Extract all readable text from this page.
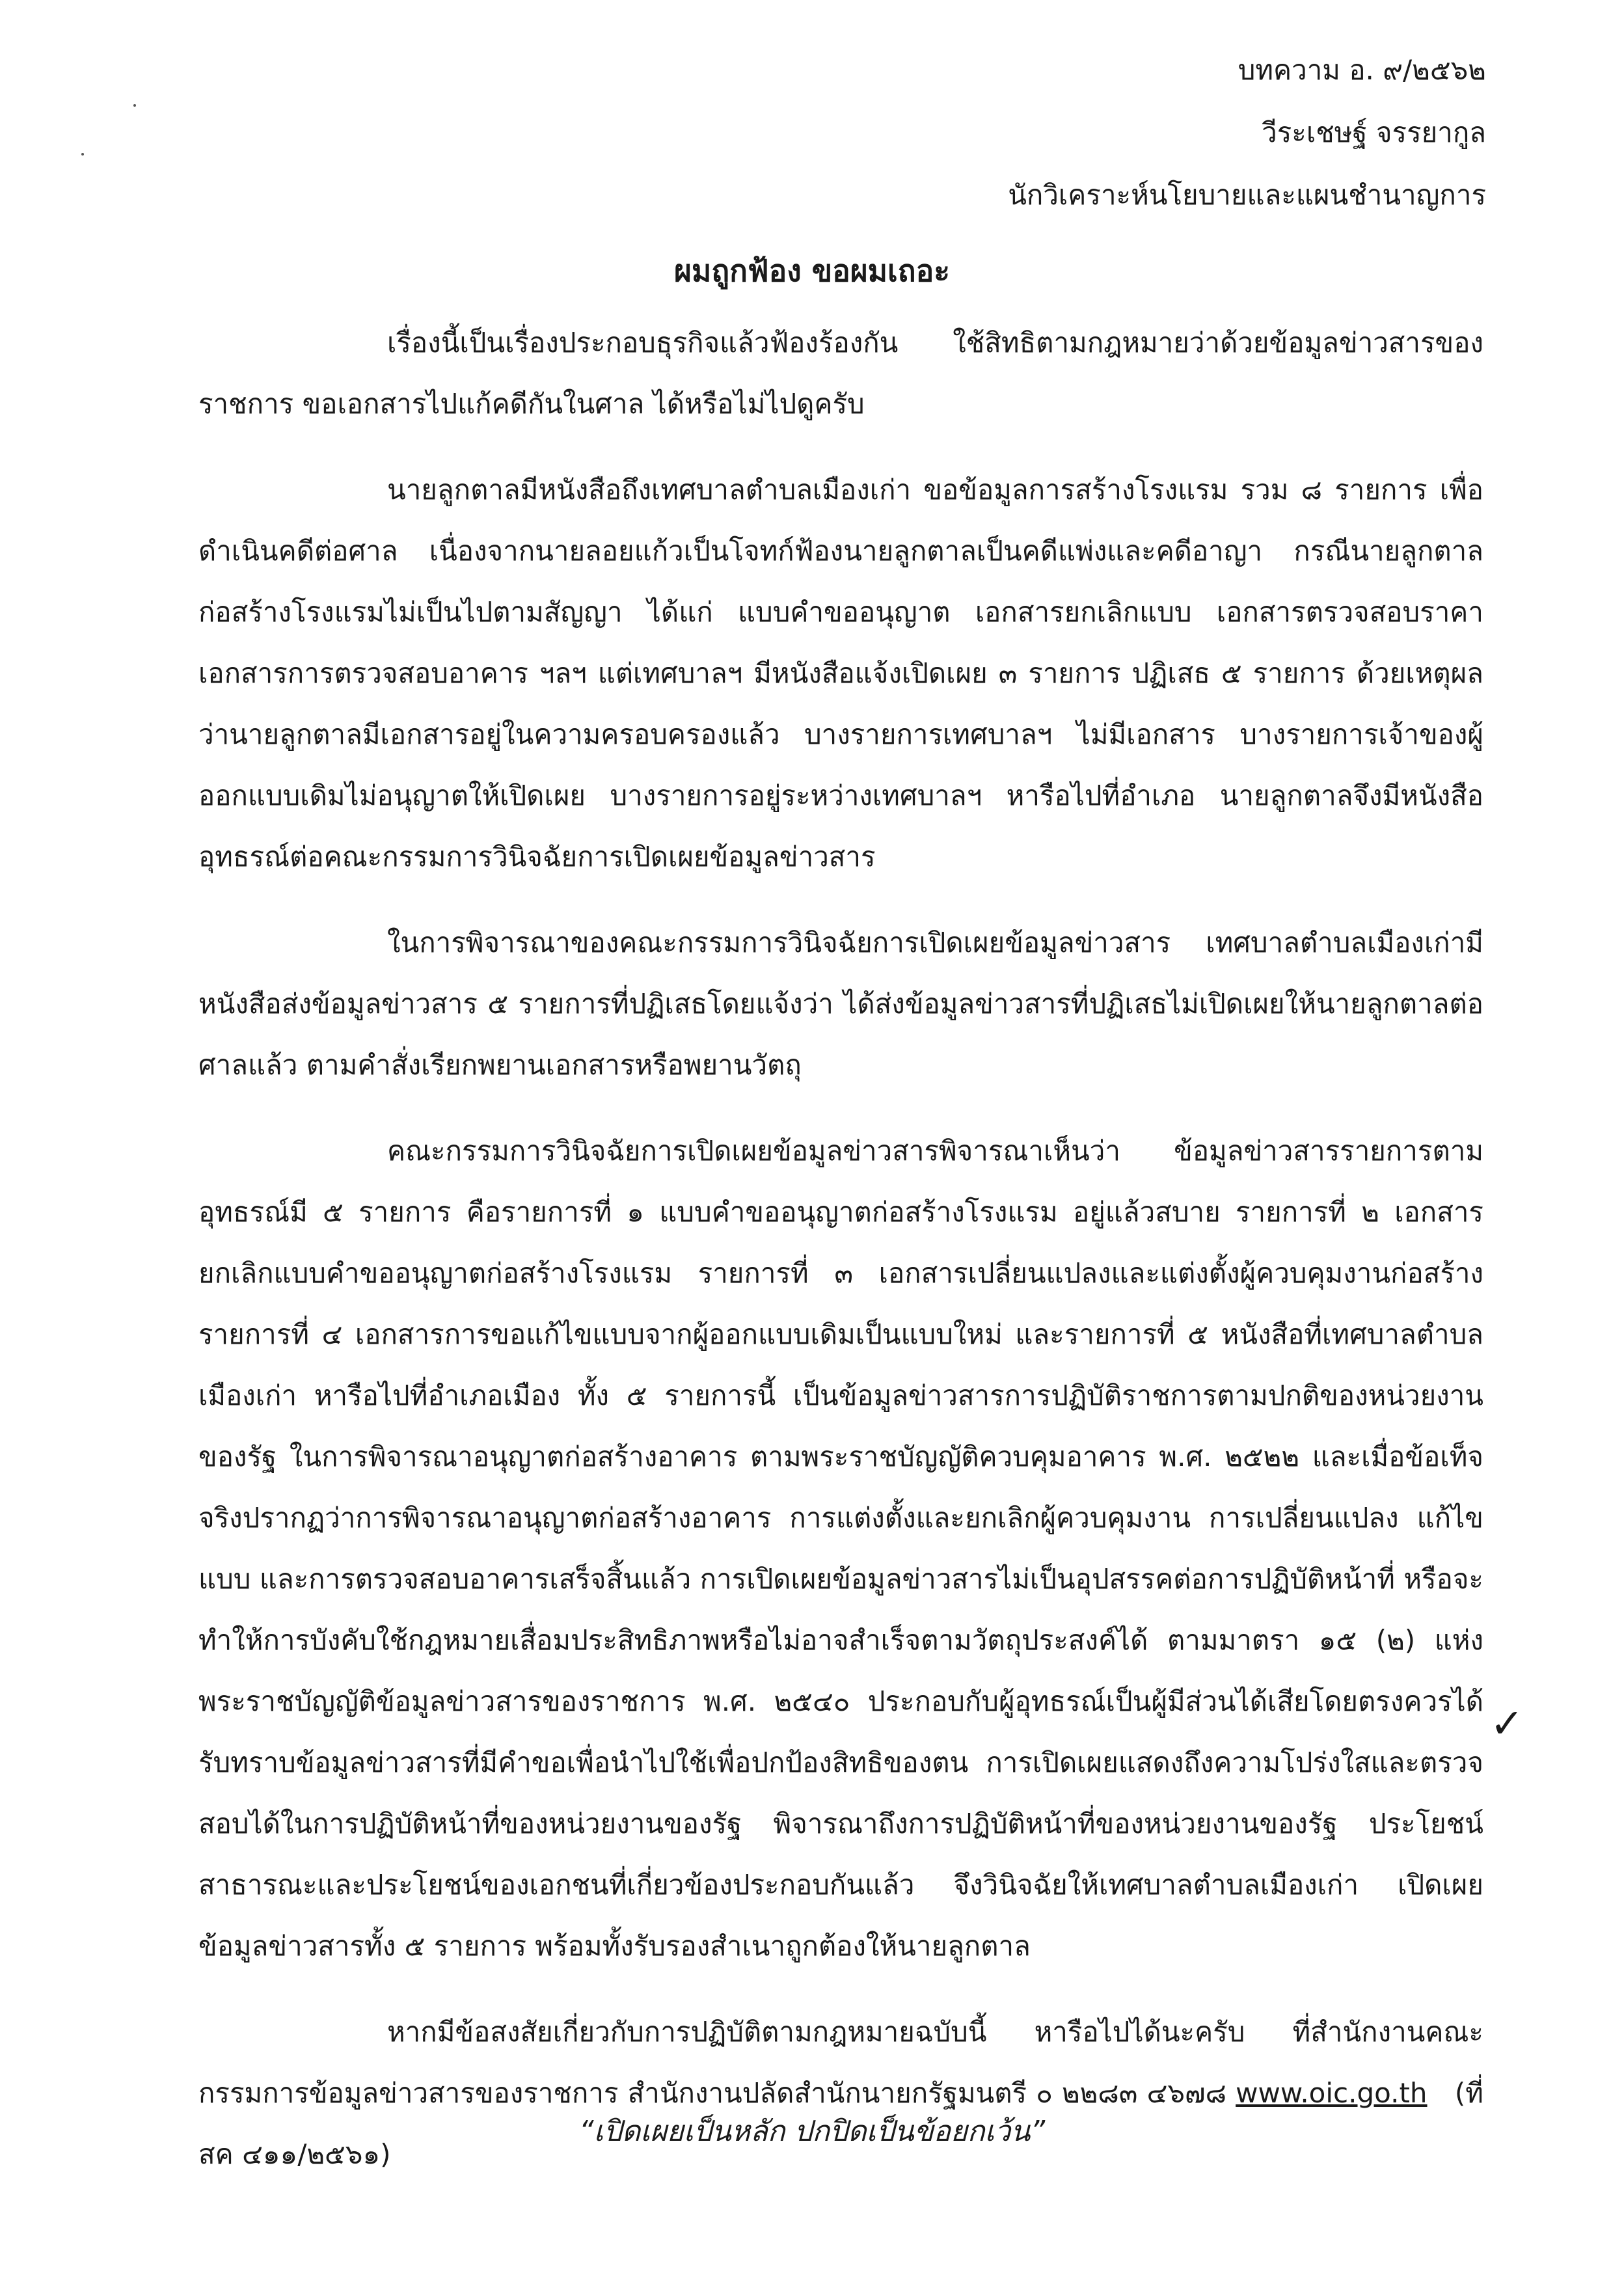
บทความ อ. ๙/๒๕๖๒
วีระเชษฐ์ จรรยากูล
นักวิเคราะห์นโยบายและแผนชำนาญการ
ผมถูกฟ้อง ขอผมเถอะ

เรื่องนี้เป็นเรื่องประกอบธุรกิจแล้วฟ้องร้องกัน ใช้สิทธิตามกฎหมายว่าด้วยข้อมูลข่าวสารของราชการ ขอเอกสารไปแก้คดีกันในศาล ได้หรือไม่ไปดูครับ

นายลูกตาลมีหนังสือถึงเทศบาลตำบลเมืองเก่า ขอข้อมูลการสร้างโรงแรม รวม ๘ รายการ เพื่อดำเนินคดีต่อศาล เนื่องจากนายลอยแก้วเป็นโจทก์ฟ้องนายลูกตาลเป็นคดีแพ่งและคดีอาญา กรณีนายลูกตาลก่อสร้างโรงแรมไม่เป็นไปตามสัญญา ได้แก่ แบบคำขออนุญาต เอกสารยกเลิกแบบ เอกสารตรวจสอบราคา เอกสารการตรวจสอบอาคาร ฯลฯ แต่เทศบาลฯ มีหนังสือแจ้งเปิดเผย ๓ รายการ ปฏิเสธ ๕ รายการ ด้วยเหตุผลว่านายลูกตาลมีเอกสารอยู่ในความครอบครองแล้ว บางรายการเทศบาลฯ ไม่มีเอกสาร บางรายการเจ้าของผู้ออกแบบเดิมไม่อนุญาตให้เปิดเผย บางรายการอยู่ระหว่างเทศบาลฯ หารือไปที่อำเภอ นายลูกตาลจึงมีหนังสืออุทธรณ์ต่อคณะกรรมการวินิจฉัยการเปิดเผยข้อมูลข่าวสาร

ในการพิจารณาของคณะกรรมการวินิจฉัยการเปิดเผยข้อมูลข่าวสาร เทศบาลตำบลเมืองเก่ามีหนังสือส่งข้อมูลข่าวสาร ๕ รายการที่ปฏิเสธโดยแจ้งว่า ได้ส่งข้อมูลข่าวสารที่ปฏิเสธไม่เปิดเผยให้นายลูกตาลต่อศาลแล้ว ตามคำสั่งเรียกพยานเอกสารหรือพยานวัตถุ

คณะกรรมการวินิจฉัยการเปิดเผยข้อมูลข่าวสารพิจารณาเห็นว่า ข้อมูลข่าวสารรายการตามอุทธรณ์มี ๕ รายการ คือรายการที่ ๑ แบบคำขออนุญาตก่อสร้างโรงแรม อยู่แล้วสบาย รายการที่ ๒ เอกสารยกเลิกแบบคำขออนุญาตก่อสร้างโรงแรม รายการที่ ๓ เอกสารเปลี่ยนแปลงและแต่งตั้งผู้ควบคุมงานก่อสร้าง รายการที่ ๔ เอกสารการขอแก้ไขแบบจากผู้ออกแบบเดิมเป็นแบบใหม่ และรายการที่ ๕ หนังสือที่เทศบาลตำบลเมืองเก่า หารือไปที่อำเภอเมือง ทั้ง ๕ รายการนี้ เป็นข้อมูลข่าวสารการปฏิบัติราชการตามปกติของหน่วยงานของรัฐ ในการพิจารณาอนุญาตก่อสร้างอาคาร ตามพระราชบัญญัติควบคุมอาคาร พ.ศ. ๒๕๒๒ และเมื่อข้อเท็จจริงปรากฏว่าการพิจารณาอนุญาตก่อสร้างอาคาร การแต่งตั้งและยกเลิกผู้ควบคุมงาน การเปลี่ยนแปลง แก้ไขแบบ และการตรวจสอบอาคารเสร็จสิ้นแล้ว การเปิดเผยข้อมูลข่าวสารไม่เป็นอุปสรรคต่อการปฏิบัติหน้าที่ หรือจะทำให้การบังคับใช้กฎหมายเสื่อมประสิทธิภาพหรือไม่อาจสำเร็จตามวัตถุประสงค์ได้ ตามมาตรา ๑๕ (๒) แห่งพระราชบัญญัติข้อมูลข่าวสารของราชการ พ.ศ. ๒๕๔๐ ประกอบกับผู้อุทธรณ์เป็นผู้มีส่วนได้เสียโดยตรงควรได้รับทราบข้อมูลข่าวสารที่มีคำขอเพื่อนำไปใช้เพื่อปกป้องสิทธิของตน การเปิดเผยแสดงถึงความโปร่งใสและตรวจสอบได้ในการปฏิบัติหน้าที่ของหน่วยงานของรัฐ พิจารณาถึงการปฏิบัติหน้าที่ของหน่วยงานของรัฐ ประโยชน์สาธารณะและประโยชน์ของเอกชนที่เกี่ยวข้องประกอบกันแล้ว จึงวินิจฉัยให้เทศบาลตำบลเมืองเก่า เปิดเผยข้อมูลข่าวสารทั้ง ๕ รายการ พร้อมทั้งรับรองสำเนาถูกต้องให้นายลูกตาล

หากมีข้อสงสัยเกี่ยวกับการปฏิบัติตามกฎหมายฉบับนี้ หารือไปได้นะครับ ที่สำนักงานคณะกรรมการข้อมูลข่าวสารของราชการ สำนักงานปลัดสำนักนายกรัฐมนตรี ๐ ๒๒๘๓ ๔๖๗๘ www.oic.go.th (ที่ สค ๔๑๑/๒๕๖๑)

✓
“เปิดเผยเป็นหลัก ปกปิดเป็นข้อยกเว้น”
